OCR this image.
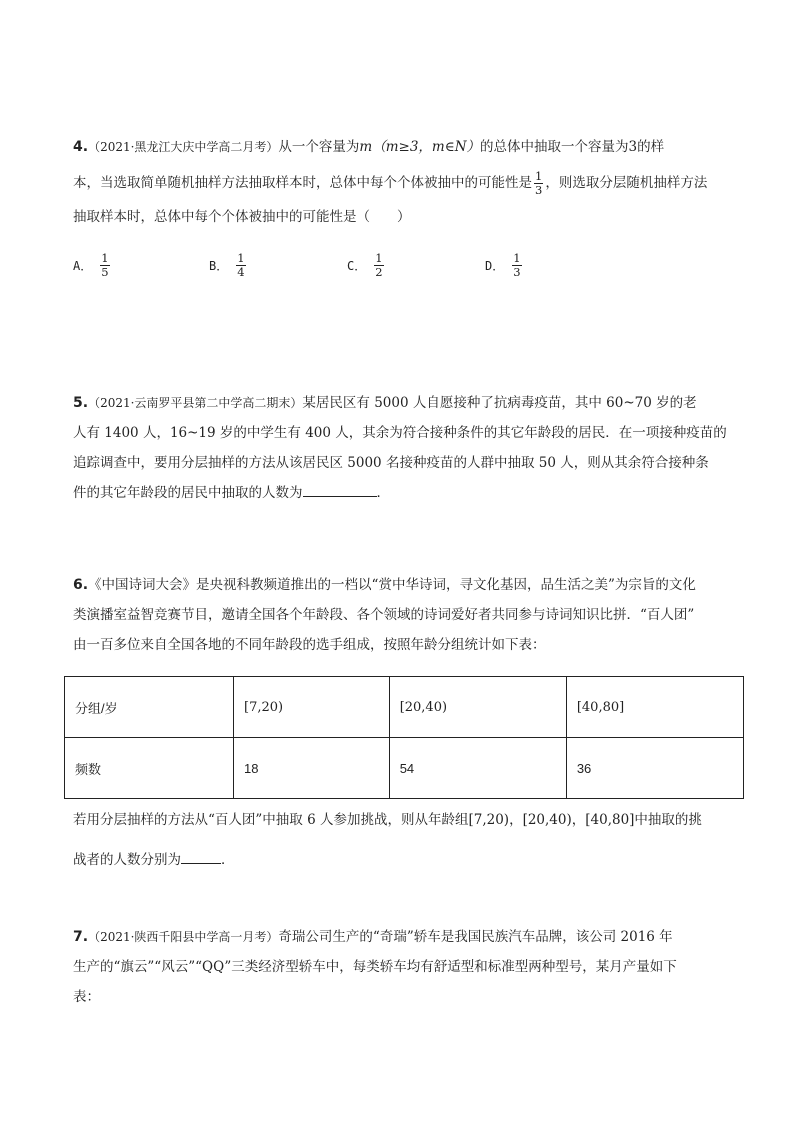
4.（2021·黑龙江大庆中学高二月考）从一个容量为m（m≥3，m∈N）的总体中抽取一个容量为3的样
本，当选取简单随机抽样方法抽取样本时，总体中每个个体被抽中的可能性是 $\frac{1}{3}$ ，则选取分层随机抽样方法
抽取样本时，总体中每个个体被抽中的可能性是（　　）
A． $\frac{1}{5}$	B． $\frac{1}{4}$	C． $\frac{1}{2}$	D． $\frac{1}{3}$
5.（2021·云南罗平县第二中学高二期末）某居民区有 5000 人自愿接种了抗病毒疫苗，其中 60~70 岁的老
人有 1400 人，16~19 岁的中学生有 400 人，其余为符合接种条件的其它年龄段的居民．在一项接种疫苗的
追踪调查中，要用分层抽样的方法从该居民区 5000 名接种疫苗的人群中抽取 50 人，则从其余符合接种条
件的其它年龄段的居民中抽取的人数为	．
6.《中国诗词大会》是央视科教频道推出的一档以“赏中华诗词，寻文化基因，品生活之美”为宗旨的文化
类演播室益智竞赛节目，邀请全国各个年龄段、各个领域的诗词爱好者共同参与诗词知识比拼．“百人团”
由一百多位来自全国各地的不同年龄段的选手组成，按照年龄分组统计如下表：
分组/岁	[7,20)	[20,40)	[40,80]
频数	18	54	36
若用分层抽样的方法从“百人团”中抽取 6 人参加挑战，则从年龄组[7,20)，[20,40)，[40,80]中抽取的挑
战者的人数分别为	．
7.（2021·陕西千阳县中学高一月考）奇瑞公司生产的“奇瑞”轿车是我国民族汽车品牌，该公司 2016 年
生产的“旗云”“风云”“QQ”三类经济型轿车中，每类轿车均有舒适型和标准型两种型号，某月产量如下
表：
